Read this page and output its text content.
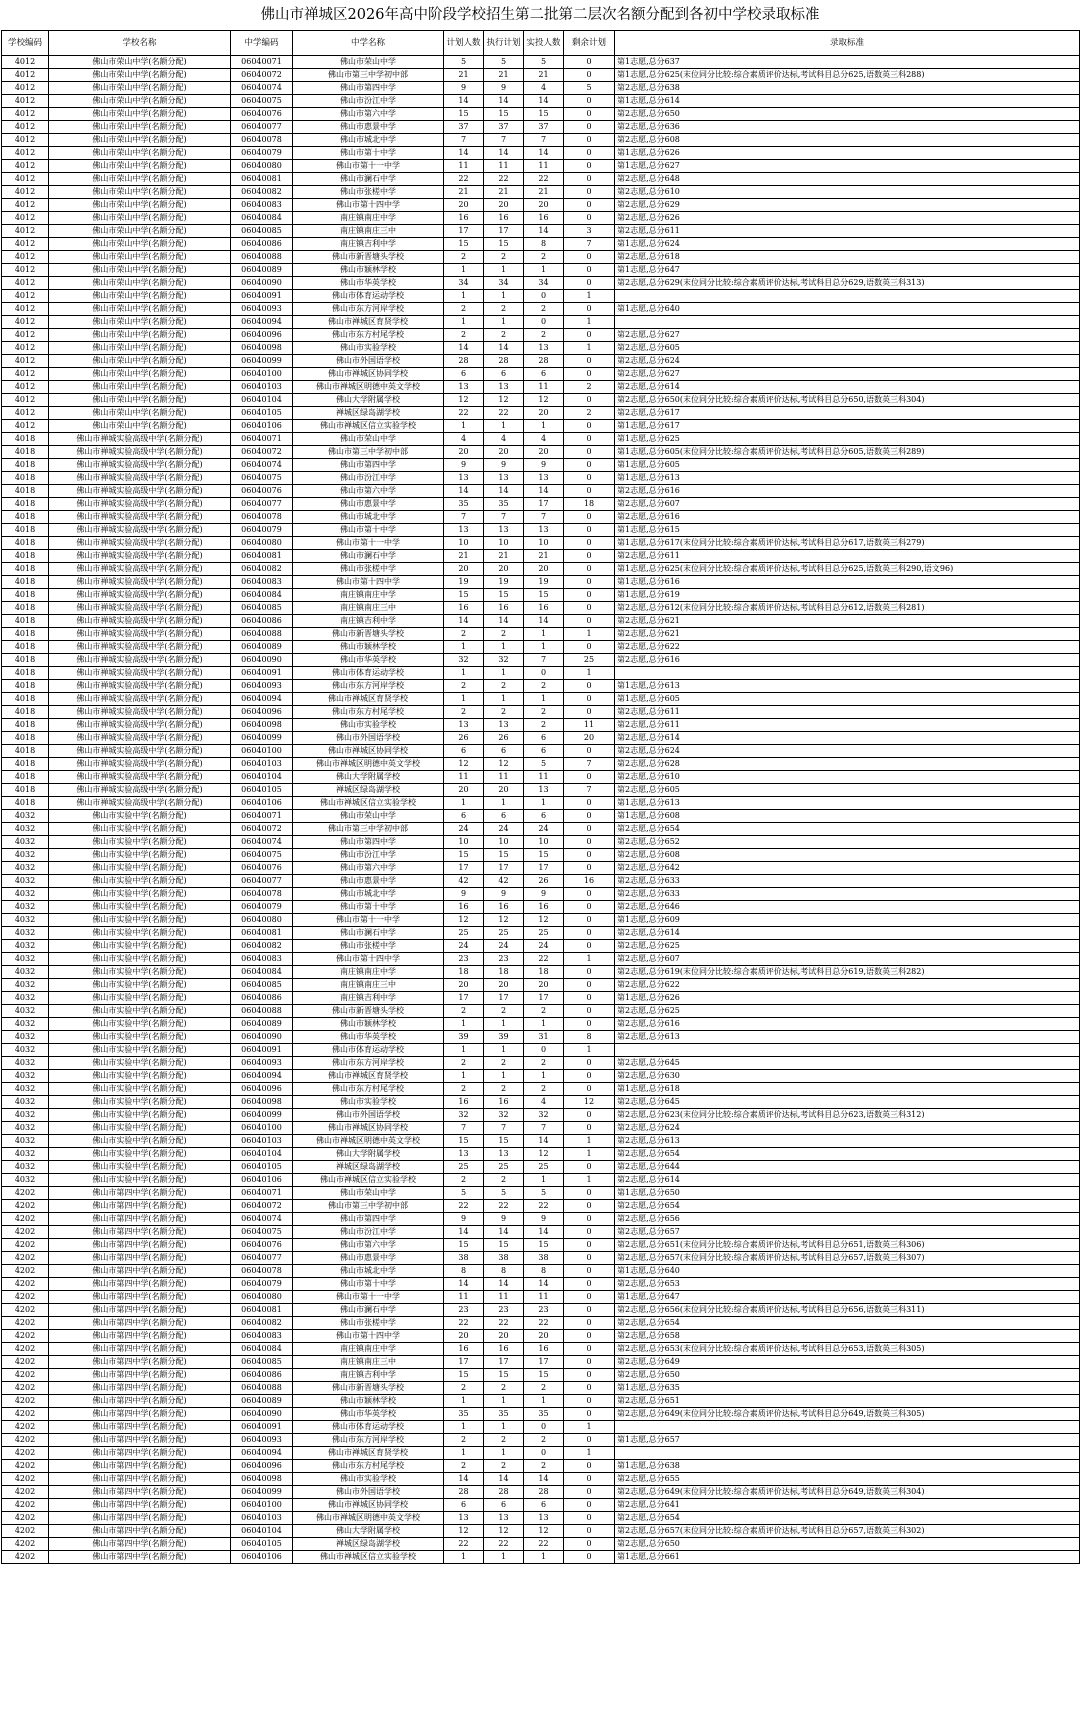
佛山市禅城区2026年高中阶段学校招生第二批第二层次名额分配到各初中学校录取标准
学校编码	学校名称	中学编码	中学名称	计划人数	执行计划	实投人数	剩余计划	录取标准
4012	佛山市荣山中学(名额分配)	06040071	佛山市荣山中学	5	5	5	0	第1志愿,总分637
4012	佛山市荣山中学(名额分配)	06040072	佛山市第三中学初中部	21	21	21	0	第1志愿,总分625(末位同分比较:综合素质评价达标,考试科目总分625,语数英三科288)
4012	佛山市荣山中学(名额分配)	06040074	佛山市第四中学	9	9	4	5	第2志愿,总分638
4012	佛山市荣山中学(名额分配)	06040075	佛山市汾江中学	14	14	14	0	第1志愿,总分614
4012	佛山市荣山中学(名额分配)	06040076	佛山市第六中学	15	15	15	0	第2志愿,总分650
4012	佛山市荣山中学(名额分配)	06040077	佛山市惠景中学	37	37	37	0	第2志愿,总分636
4012	佛山市荣山中学(名额分配)	06040078	佛山市城北中学	7	7	7	0	第2志愿,总分608
4012	佛山市荣山中学(名额分配)	06040079	佛山市第十中学	14	14	14	0	第1志愿,总分626
4012	佛山市荣山中学(名额分配)	06040080	佛山市第十一中学	11	11	11	0	第1志愿,总分627
4012	佛山市荣山中学(名额分配)	06040081	佛山市澜石中学	22	22	22	0	第2志愿,总分648
4012	佛山市荣山中学(名额分配)	06040082	佛山市张槎中学	21	21	21	0	第2志愿,总分610
4012	佛山市荣山中学(名额分配)	06040083	佛山市第十四中学	20	20	20	0	第2志愿,总分629
4012	佛山市荣山中学(名额分配)	06040084	南庄镇南庄中学	16	16	16	0	第2志愿,总分626
4012	佛山市荣山中学(名额分配)	06040085	南庄镇南庄三中	17	17	14	3	第2志愿,总分611
4012	佛山市荣山中学(名额分配)	06040086	南庄镇吉利中学	15	15	8	7	第1志愿,总分624
4012	佛山市荣山中学(名额分配)	06040088	佛山市新晋塘头学校	2	2	2	0	第2志愿,总分618
4012	佛山市荣山中学(名额分配)	06040089	佛山市颖林学校	1	1	1	0	第1志愿,总分647
4012	佛山市荣山中学(名额分配)	06040090	佛山市华英学校	34	34	34	0	第2志愿,总分629(末位同分比较:综合素质评价达标,考试科目总分629,语数英三科313)
4012	佛山市荣山中学(名额分配)	06040091	佛山市体育运动学校	1	1	0	1	
4012	佛山市荣山中学(名额分配)	06040093	佛山市东方河岸学校	2	2	2	0	第1志愿,总分640
4012	佛山市荣山中学(名额分配)	06040094	佛山市禅城区育贤学校	1	1	0	1	
4012	佛山市荣山中学(名额分配)	06040096	佛山市东方村尾学校	2	2	2	0	第2志愿,总分627
4012	佛山市荣山中学(名额分配)	06040098	佛山市实验学校	14	14	13	1	第2志愿,总分605
4012	佛山市荣山中学(名额分配)	06040099	佛山市外国语学校	28	28	28	0	第2志愿,总分624
4012	佛山市荣山中学(名额分配)	06040100	佛山市禅城区协同学校	6	6	6	0	第2志愿,总分627
4012	佛山市荣山中学(名额分配)	06040103	佛山市禅城区明德中英文学校	13	13	11	2	第2志愿,总分614
4012	佛山市荣山中学(名额分配)	06040104	佛山大学附属学校	12	12	12	0	第2志愿,总分650(末位同分比较:综合素质评价达标,考试科目总分650,语数英三科304)
4012	佛山市荣山中学(名额分配)	06040105	禅城区绿岛湖学校	22	22	20	2	第2志愿,总分617
4012	佛山市荣山中学(名额分配)	06040106	佛山市禅城区信立实验学校	1	1	1	0	第1志愿,总分617
4018	佛山市禅城实验高级中学(名额分配)	06040071	佛山市荣山中学	4	4	4	0	第1志愿,总分625
4018	佛山市禅城实验高级中学(名额分配)	06040072	佛山市第三中学初中部	20	20	20	0	第1志愿,总分605(末位同分比较:综合素质评价达标,考试科目总分605,语数英三科289)
4018	佛山市禅城实验高级中学(名额分配)	06040074	佛山市第四中学	9	9	9	0	第1志愿,总分605
4018	佛山市禅城实验高级中学(名额分配)	06040075	佛山市汾江中学	13	13	13	0	第1志愿,总分613
4018	佛山市禅城实验高级中学(名额分配)	06040076	佛山市第六中学	14	14	14	0	第2志愿,总分616
4018	佛山市禅城实验高级中学(名额分配)	06040077	佛山市惠景中学	35	35	17	18	第2志愿,总分607
4018	佛山市禅城实验高级中学(名额分配)	06040078	佛山市城北中学	7	7	7	0	第2志愿,总分616
4018	佛山市禅城实验高级中学(名额分配)	06040079	佛山市第十中学	13	13	13	0	第1志愿,总分615
4018	佛山市禅城实验高级中学(名额分配)	06040080	佛山市第十一中学	10	10	10	0	第1志愿,总分617(末位同分比较:综合素质评价达标,考试科目总分617,语数英三科279)
4018	佛山市禅城实验高级中学(名额分配)	06040081	佛山市澜石中学	21	21	21	0	第2志愿,总分611
4018	佛山市禅城实验高级中学(名额分配)	06040082	佛山市张槎中学	20	20	20	0	第1志愿,总分625(末位同分比较:综合素质评价达标,考试科目总分625,语数英三科290,语文96)
4018	佛山市禅城实验高级中学(名额分配)	06040083	佛山市第十四中学	19	19	19	0	第1志愿,总分616
4018	佛山市禅城实验高级中学(名额分配)	06040084	南庄镇南庄中学	15	15	15	0	第1志愿,总分619
4018	佛山市禅城实验高级中学(名额分配)	06040085	南庄镇南庄三中	16	16	16	0	第2志愿,总分612(末位同分比较:综合素质评价达标,考试科目总分612,语数英三科281)
4018	佛山市禅城实验高级中学(名额分配)	06040086	南庄镇吉利中学	14	14	14	0	第2志愿,总分621
4018	佛山市禅城实验高级中学(名额分配)	06040088	佛山市新晋塘头学校	2	2	1	1	第2志愿,总分621
4018	佛山市禅城实验高级中学(名额分配)	06040089	佛山市颖林学校	1	1	1	0	第2志愿,总分622
4018	佛山市禅城实验高级中学(名额分配)	06040090	佛山市华英学校	32	32	7	25	第2志愿,总分616
4018	佛山市禅城实验高级中学(名额分配)	06040091	佛山市体育运动学校	1	1	0	1	
4018	佛山市禅城实验高级中学(名额分配)	06040093	佛山市东方河岸学校	2	2	2	0	第1志愿,总分613
4018	佛山市禅城实验高级中学(名额分配)	06040094	佛山市禅城区育贤学校	1	1	1	0	第1志愿,总分605
4018	佛山市禅城实验高级中学(名额分配)	06040096	佛山市东方村尾学校	2	2	2	0	第2志愿,总分611
4018	佛山市禅城实验高级中学(名额分配)	06040098	佛山市实验学校	13	13	2	11	第2志愿,总分611
4018	佛山市禅城实验高级中学(名额分配)	06040099	佛山市外国语学校	26	26	6	20	第2志愿,总分614
4018	佛山市禅城实验高级中学(名额分配)	06040100	佛山市禅城区协同学校	6	6	6	0	第2志愿,总分624
4018	佛山市禅城实验高级中学(名额分配)	06040103	佛山市禅城区明德中英文学校	12	12	5	7	第2志愿,总分628
4018	佛山市禅城实验高级中学(名额分配)	06040104	佛山大学附属学校	11	11	11	0	第2志愿,总分610
4018	佛山市禅城实验高级中学(名额分配)	06040105	禅城区绿岛湖学校	20	20	13	7	第2志愿,总分605
4018	佛山市禅城实验高级中学(名额分配)	06040106	佛山市禅城区信立实验学校	1	1	1	0	第1志愿,总分613
4032	佛山市实验中学(名额分配)	06040071	佛山市荣山中学	6	6	6	0	第1志愿,总分608
4032	佛山市实验中学(名额分配)	06040072	佛山市第三中学初中部	24	24	24	0	第2志愿,总分654
4032	佛山市实验中学(名额分配)	06040074	佛山市第四中学	10	10	10	0	第2志愿,总分652
4032	佛山市实验中学(名额分配)	06040075	佛山市汾江中学	15	15	15	0	第2志愿,总分608
4032	佛山市实验中学(名额分配)	06040076	佛山市第六中学	17	17	17	0	第2志愿,总分642
4032	佛山市实验中学(名额分配)	06040077	佛山市惠景中学	42	42	26	16	第2志愿,总分633
4032	佛山市实验中学(名额分配)	06040078	佛山市城北中学	9	9	9	0	第2志愿,总分633
4032	佛山市实验中学(名额分配)	06040079	佛山市第十中学	16	16	16	0	第2志愿,总分646
4032	佛山市实验中学(名额分配)	06040080	佛山市第十一中学	12	12	12	0	第1志愿,总分609
4032	佛山市实验中学(名额分配)	06040081	佛山市澜石中学	25	25	25	0	第2志愿,总分614
4032	佛山市实验中学(名额分配)	06040082	佛山市张槎中学	24	24	24	0	第2志愿,总分625
4032	佛山市实验中学(名额分配)	06040083	佛山市第十四中学	23	23	22	1	第2志愿,总分607
4032	佛山市实验中学(名额分配)	06040084	南庄镇南庄中学	18	18	18	0	第2志愿,总分619(末位同分比较:综合素质评价达标,考试科目总分619,语数英三科282)
4032	佛山市实验中学(名额分配)	06040085	南庄镇南庄三中	20	20	20	0	第2志愿,总分622
4032	佛山市实验中学(名额分配)	06040086	南庄镇吉利中学	17	17	17	0	第1志愿,总分626
4032	佛山市实验中学(名额分配)	06040088	佛山市新晋塘头学校	2	2	2	0	第2志愿,总分625
4032	佛山市实验中学(名额分配)	06040089	佛山市颖林学校	1	1	1	0	第2志愿,总分616
4032	佛山市实验中学(名额分配)	06040090	佛山市华英学校	39	39	31	8	第2志愿,总分613
4032	佛山市实验中学(名额分配)	06040091	佛山市体育运动学校	1	1	0	1	
4032	佛山市实验中学(名额分配)	06040093	佛山市东方河岸学校	2	2	2	0	第2志愿,总分645
4032	佛山市实验中学(名额分配)	06040094	佛山市禅城区育贤学校	1	1	1	0	第2志愿,总分630
4032	佛山市实验中学(名额分配)	06040096	佛山市东方村尾学校	2	2	2	0	第1志愿,总分618
4032	佛山市实验中学(名额分配)	06040098	佛山市实验学校	16	16	4	12	第2志愿,总分645
4032	佛山市实验中学(名额分配)	06040099	佛山市外国语学校	32	32	32	0	第2志愿,总分623(末位同分比较:综合素质评价达标,考试科目总分623,语数英三科312)
4032	佛山市实验中学(名额分配)	06040100	佛山市禅城区协同学校	7	7	7	0	第2志愿,总分624
4032	佛山市实验中学(名额分配)	06040103	佛山市禅城区明德中英文学校	15	15	14	1	第2志愿,总分613
4032	佛山市实验中学(名额分配)	06040104	佛山大学附属学校	13	13	12	1	第2志愿,总分654
4032	佛山市实验中学(名额分配)	06040105	禅城区绿岛湖学校	25	25	25	0	第2志愿,总分644
4032	佛山市实验中学(名额分配)	06040106	佛山市禅城区信立实验学校	2	2	1	1	第2志愿,总分614
4202	佛山市第四中学(名额分配)	06040071	佛山市荣山中学	5	5	5	0	第1志愿,总分650
4202	佛山市第四中学(名额分配)	06040072	佛山市第三中学初中部	22	22	22	0	第2志愿,总分654
4202	佛山市第四中学(名额分配)	06040074	佛山市第四中学	9	9	9	0	第2志愿,总分656
4202	佛山市第四中学(名额分配)	06040075	佛山市汾江中学	14	14	14	0	第2志愿,总分657
4202	佛山市第四中学(名额分配)	06040076	佛山市第六中学	15	15	15	0	第2志愿,总分651(末位同分比较:综合素质评价达标,考试科目总分651,语数英三科306)
4202	佛山市第四中学(名额分配)	06040077	佛山市惠景中学	38	38	38	0	第2志愿,总分657(末位同分比较:综合素质评价达标,考试科目总分657,语数英三科307)
4202	佛山市第四中学(名额分配)	06040078	佛山市城北中学	8	8	8	0	第1志愿,总分640
4202	佛山市第四中学(名额分配)	06040079	佛山市第十中学	14	14	14	0	第2志愿,总分653
4202	佛山市第四中学(名额分配)	06040080	佛山市第十一中学	11	11	11	0	第1志愿,总分647
4202	佛山市第四中学(名额分配)	06040081	佛山市澜石中学	23	23	23	0	第2志愿,总分656(末位同分比较:综合素质评价达标,考试科目总分656,语数英三科311)
4202	佛山市第四中学(名额分配)	06040082	佛山市张槎中学	22	22	22	0	第2志愿,总分654
4202	佛山市第四中学(名额分配)	06040083	佛山市第十四中学	20	20	20	0	第2志愿,总分658
4202	佛山市第四中学(名额分配)	06040084	南庄镇南庄中学	16	16	16	0	第2志愿,总分653(末位同分比较:综合素质评价达标,考试科目总分653,语数英三科305)
4202	佛山市第四中学(名额分配)	06040085	南庄镇南庄三中	17	17	17	0	第2志愿,总分649
4202	佛山市第四中学(名额分配)	06040086	南庄镇吉利中学	15	15	15	0	第2志愿,总分650
4202	佛山市第四中学(名额分配)	06040088	佛山市新晋塘头学校	2	2	2	0	第1志愿,总分635
4202	佛山市第四中学(名额分配)	06040089	佛山市颖林学校	1	1	1	0	第2志愿,总分651
4202	佛山市第四中学(名额分配)	06040090	佛山市华英学校	35	35	35	0	第2志愿,总分649(末位同分比较:综合素质评价达标,考试科目总分649,语数英三科305)
4202	佛山市第四中学(名额分配)	06040091	佛山市体育运动学校	1	1	0	1	
4202	佛山市第四中学(名额分配)	06040093	佛山市东方河岸学校	2	2	2	0	第1志愿,总分657
4202	佛山市第四中学(名额分配)	06040094	佛山市禅城区育贤学校	1	1	0	1	
4202	佛山市第四中学(名额分配)	06040096	佛山市东方村尾学校	2	2	2	0	第1志愿,总分638
4202	佛山市第四中学(名额分配)	06040098	佛山市实验学校	14	14	14	0	第2志愿,总分655
4202	佛山市第四中学(名额分配)	06040099	佛山市外国语学校	28	28	28	0	第2志愿,总分649(末位同分比较:综合素质评价达标,考试科目总分649,语数英三科304)
4202	佛山市第四中学(名额分配)	06040100	佛山市禅城区协同学校	6	6	6	0	第2志愿,总分641
4202	佛山市第四中学(名额分配)	06040103	佛山市禅城区明德中英文学校	13	13	13	0	第2志愿,总分654
4202	佛山市第四中学(名额分配)	06040104	佛山大学附属学校	12	12	12	0	第2志愿,总分657(末位同分比较:综合素质评价达标,考试科目总分657,语数英三科302)
4202	佛山市第四中学(名额分配)	06040105	禅城区绿岛湖学校	22	22	22	0	第2志愿,总分650
4202	佛山市第四中学(名额分配)	06040106	佛山市禅城区信立实验学校	1	1	1	0	第1志愿,总分661
